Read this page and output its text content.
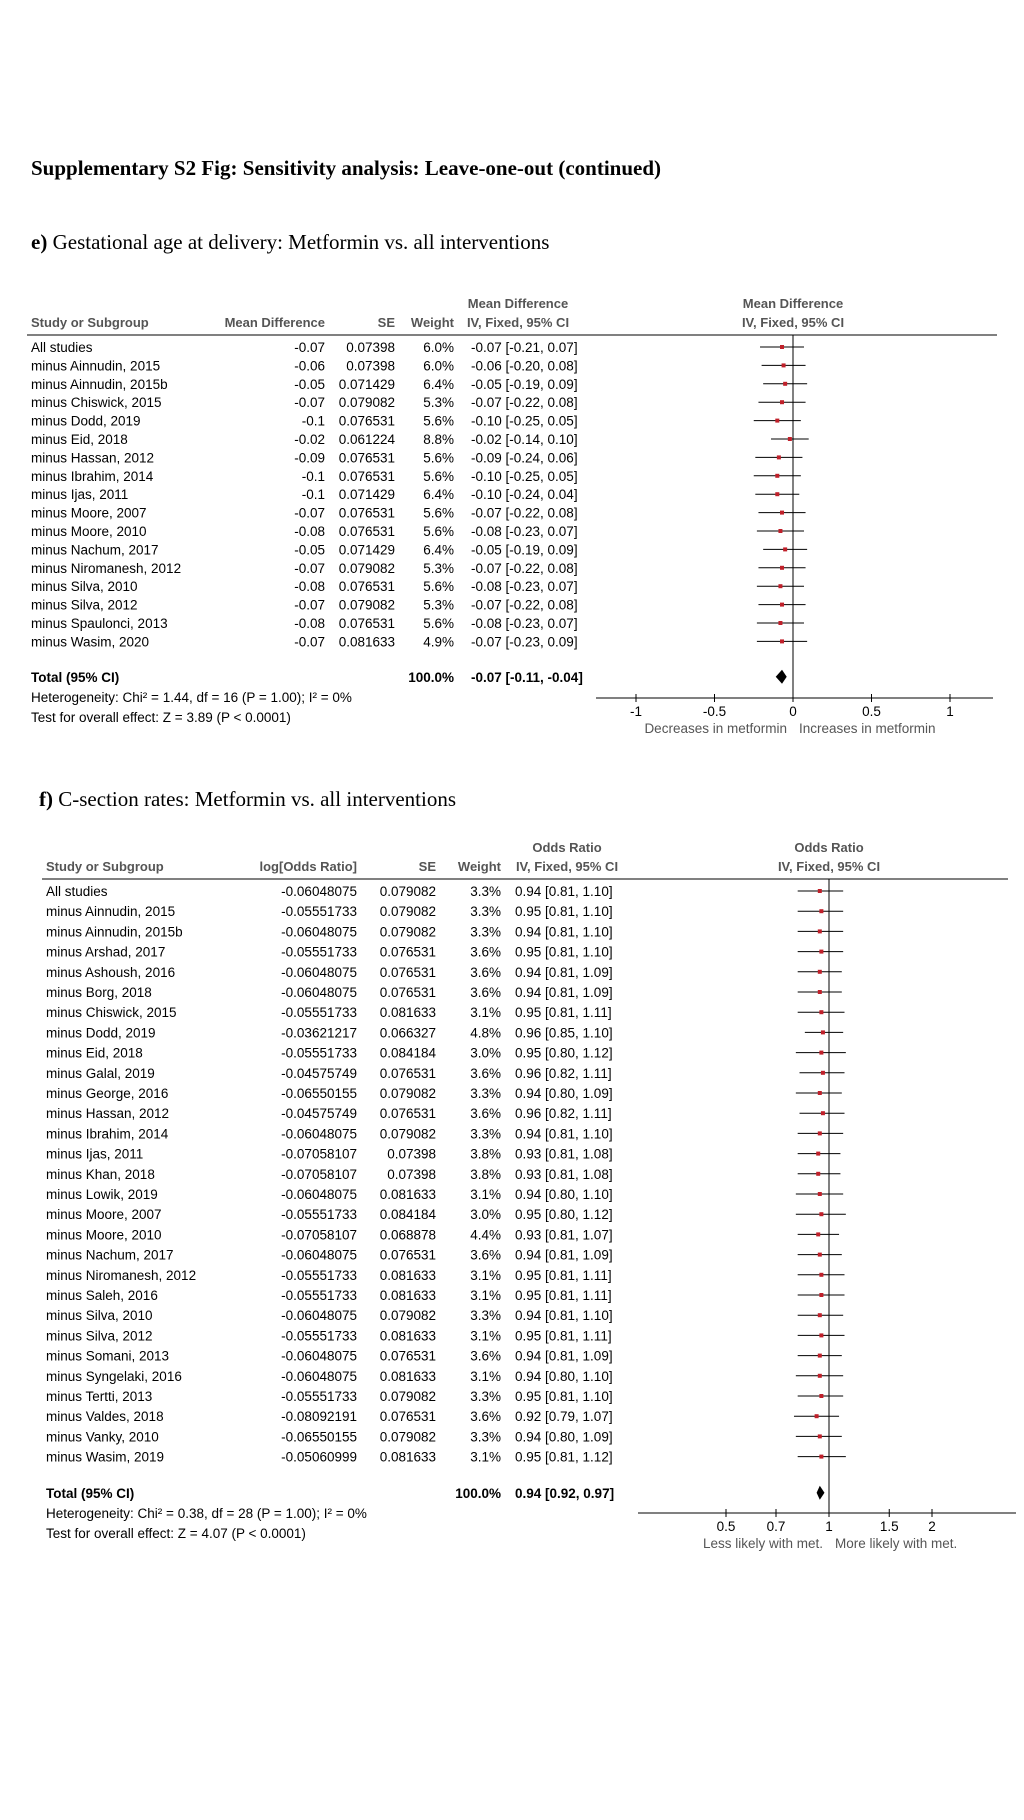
Supplementary S2 Fig: Sensitivity analysis: Leave-one-out (continued)
e) Gestational age at delivery: Metformin vs. all interventions
Mean Difference	Mean Difference
Study or Subgroup	Mean Difference	SE Weight IV, Fixed, 95% CI	IV, Fixed, 95% CI
All studies	-0.07 0.07398 6.0% -0.07 [-0.21, 0.07]
minus Ainnudin, 2015	-0.06 0.07398 6.0% -0.06 [-0.20, 0.08]
minus Ainnudin, 2015b	-0.05 0.071429 6.4% -0.05 [-0.19, 0.09]
minus Chiswick, 2015	-0.07 0.079082 5.3% -0.07 [-0.22, 0.08]
minus Dodd, 2019	-0.1 0.076531 5.6% -0.10 [-0.25, 0.05]
minus Eid, 2018	-0.02 0.061224 8.8% -0.02 [-0.14, 0.10]
minus Hassan, 2012	-0.09 0.076531 5.6% -0.09 [-0.24, 0.06]
minus Ibrahim, 2014	-0.1 0.076531 5.6% -0.10 [-0.25, 0.05]
minus Ijas, 2011	-0.1 0.071429 6.4% -0.10 [-0.24, 0.04]
minus Moore, 2007	-0.07 0.076531 5.6% -0.07 [-0.22, 0.08]
minus Moore, 2010	-0.08 0.076531 5.6% -0.08 [-0.23, 0.07]
minus Nachum, 2017	-0.05 0.071429 6.4% -0.05 [-0.19, 0.09]
minus Niromanesh, 2012	-0.07 0.079082 5.3% -0.07 [-0.22, 0.08]
minus Silva, 2010	-0.08 0.076531 5.6% -0.08 [-0.23, 0.07]
minus Silva, 2012	-0.07 0.079082 5.3% -0.07 [-0.22, 0.08]
minus Spaulonci, 2013	-0.08 0.076531 5.6% -0.08 [-0.23, 0.07]
minus Wasim, 2020	-0.07 0.081633 4.9% -0.07 [-0.23, 0.09]
Total (95% CI)	100.0% -0.07 [-0.11, -0.04]
Heterogeneity: Chi² = 1.44, df = 16 (P = 1.00); I² = 0%
Test for overall effect: Z = 3.89 (P < 0.0001)	-1	-0.5	0	0.5	1
Decreases in metformin Increases in metformin
f) C-section rates: Metformin vs. all interventions
Odds Ratio	Odds Ratio
Study or Subgroup	log[Odds Ratio]	SE Weight IV, Fixed, 95% CI	IV, Fixed, 95% CI
All studies	-0.06048075 0.079082	3.3% 0.94 [0.81, 1.10]
minus Ainnudin, 2015	-0.05551733 0.079082	3.3% 0.95 [0.81, 1.10]
minus Ainnudin, 2015b	-0.06048075 0.079082	3.3% 0.94 [0.81, 1.10]
minus Arshad, 2017	-0.05551733 0.076531	3.6% 0.95 [0.81, 1.10]
minus Ashoush, 2016	-0.06048075 0.076531	3.6% 0.94 [0.81, 1.09]
minus Borg, 2018	-0.06048075 0.076531	3.6% 0.94 [0.81, 1.09]
minus Chiswick, 2015	-0.05551733 0.081633	3.1% 0.95 [0.81, 1.11]
minus Dodd, 2019	-0.03621217 0.066327	4.8% 0.96 [0.85, 1.10]
minus Eid, 2018	-0.05551733 0.084184	3.0% 0.95 [0.80, 1.12]
minus Galal, 2019	-0.04575749 0.076531	3.6% 0.96 [0.82, 1.11]
minus George, 2016	-0.06550155 0.079082	3.3% 0.94 [0.80, 1.09]
minus Hassan, 2012	-0.04575749 0.076531	3.6% 0.96 [0.82, 1.11]
minus Ibrahim, 2014	-0.06048075 0.079082	3.3% 0.94 [0.81, 1.10]
minus Ijas, 2011	-0.07058107 0.07398	3.8% 0.93 [0.81, 1.08]
minus Khan, 2018	-0.07058107 0.07398	3.8% 0.93 [0.81, 1.08]
minus Lowik, 2019	-0.06048075 0.081633	3.1% 0.94 [0.80, 1.10]
minus Moore, 2007	-0.05551733 0.084184	3.0% 0.95 [0.80, 1.12]
minus Moore, 2010	-0.07058107 0.068878	4.4% 0.93 [0.81, 1.07]
minus Nachum, 2017	-0.06048075 0.076531	3.6% 0.94 [0.81, 1.09]
minus Niromanesh, 2012	-0.05551733 0.081633	3.1% 0.95 [0.81, 1.11]
minus Saleh, 2016	-0.05551733 0.081633	3.1% 0.95 [0.81, 1.11]
minus Silva, 2010	-0.06048075 0.079082	3.3% 0.94 [0.81, 1.10]
minus Silva, 2012	-0.05551733 0.081633	3.1% 0.95 [0.81, 1.11]
minus Somani, 2013	-0.06048075 0.076531	3.6% 0.94 [0.81, 1.09]
minus Syngelaki, 2016	-0.06048075 0.081633	3.1% 0.94 [0.80, 1.10]
minus Tertti, 2013	-0.05551733 0.079082	3.3% 0.95 [0.81, 1.10]
minus Valdes, 2018	-0.08092191 0.076531	3.6% 0.92 [0.79, 1.07]
minus Vanky, 2010	-0.06550155 0.079082	3.3% 0.94 [0.80, 1.09]
minus Wasim, 2019	-0.05060999 0.081633	3.1% 0.95 [0.81, 1.12]
Total (95% CI)	100.0% 0.94 [0.92, 0.97]
Heterogeneity: Chi² = 0.38, df = 28 (P = 1.00); I² = 0%
Test for overall effect: Z = 4.07 (P < 0.0001)	0.5 0.7	1	1.5 2
Less likely with met. More likely with met.
